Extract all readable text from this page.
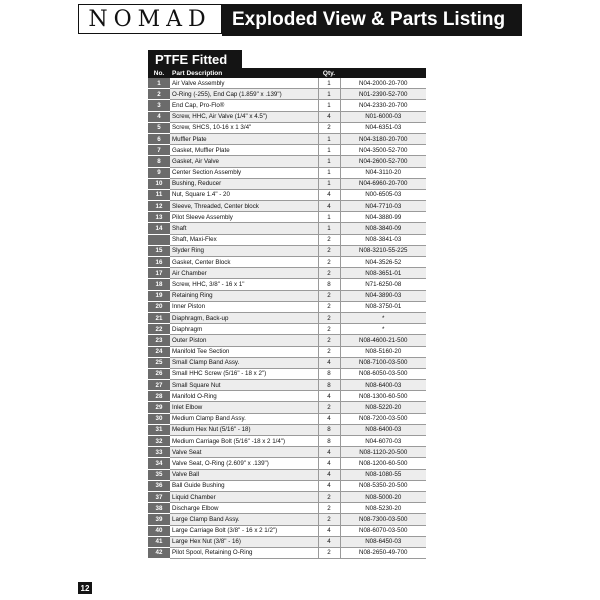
NOMAD Exploded View & Parts Listing
PTFE Fitted
No.	Part Description	Qty.	
1	Air Valve Assembly	1	N04-2000-20-700
2	O-Ring (-255), End Cap (1.859" x .139")	1	N01-2390-52-700
3	End Cap, Pro-Flo®	1	N04-2330-20-700
4	Screw, HHC, Air Valve (1/4" x 4.5")	4	N01-6000-03
5	Screw, SHCS, 10-16 x 1 3/4"	2	N04-6351-03
6	Muffler Plate	1	N04-3180-20-700
7	Gasket, Muffler Plate	1	N04-3500-52-700
8	Gasket, Air Valve	1	N04-2600-52-700
9	Center Section Assembly	1	N04-3110-20
10	Bushing, Reducer	1	N04-6960-20-700
11	Nut, Square 1.4" - 20	4	N00-6505-03
12	Sleeve, Threaded, Center block	4	N04-7710-03
13	Pilot Sleeve Assembly	1	N04-3880-99
14	Shaft	1	N08-3840-09
	Shaft, Maxi-Flex	2	N08-3841-03
15	Slyder Ring	2	N08-3210-55-225
16	Gasket, Center Block	2	N04-3526-52
17	Air Chamber	2	N08-3651-01
18	Screw, HHC, 3/8" - 16 x 1"	8	N71-6250-08
19	Retaining Ring	2	N04-3890-03
20	Inner Piston	2	N08-3750-01
21	Diaphragm, Back-up	2	*
22	Diaphragm	2	*
23	Outer Piston	2	N08-4600-21-500
24	Manifold Tee Section	2	N08-5160-20
25	Small Clamp Band Assy.	4	N08-7100-03-500
26	Small HHC Screw (5/16" - 18 x 2")	8	N08-6050-03-500
27	Small Square Nut	8	N08-6400-03
28	Manifold O-Ring	4	N08-1300-60-500
29	Inlet Elbow	2	N08-5220-20
30	Medium Clamp Band Assy.	4	N08-7200-03-500
31	Medium Hex Nut (5/16" - 18)	8	N08-6400-03
32	Medium Carriage Bolt (5/16" -18 x 2 1/4")	8	N04-6070-03
33	Valve Seat	4	N08-1120-20-500
34	Valve Seat, O-Ring (2.609" x .139")	4	N08-1200-60-500
35	Valve Ball	4	N08-1080-55
36	Ball Guide Bushing	4	N08-5350-20-500
37	Liquid Chamber	2	N08-5000-20
38	Discharge Elbow	2	N08-5230-20
39	Large Clamp Band Assy.	2	N08-7300-03-500
40	Large Carriage Bolt (3/8" - 16 x 2 1/2")	4	N08-6070-03-500
41	Large Hex Nut (3/8" - 16)	4	N08-6450-03
42	Pilot Spool, Retaining O-Ring	2	N08-2650-49-700
12
